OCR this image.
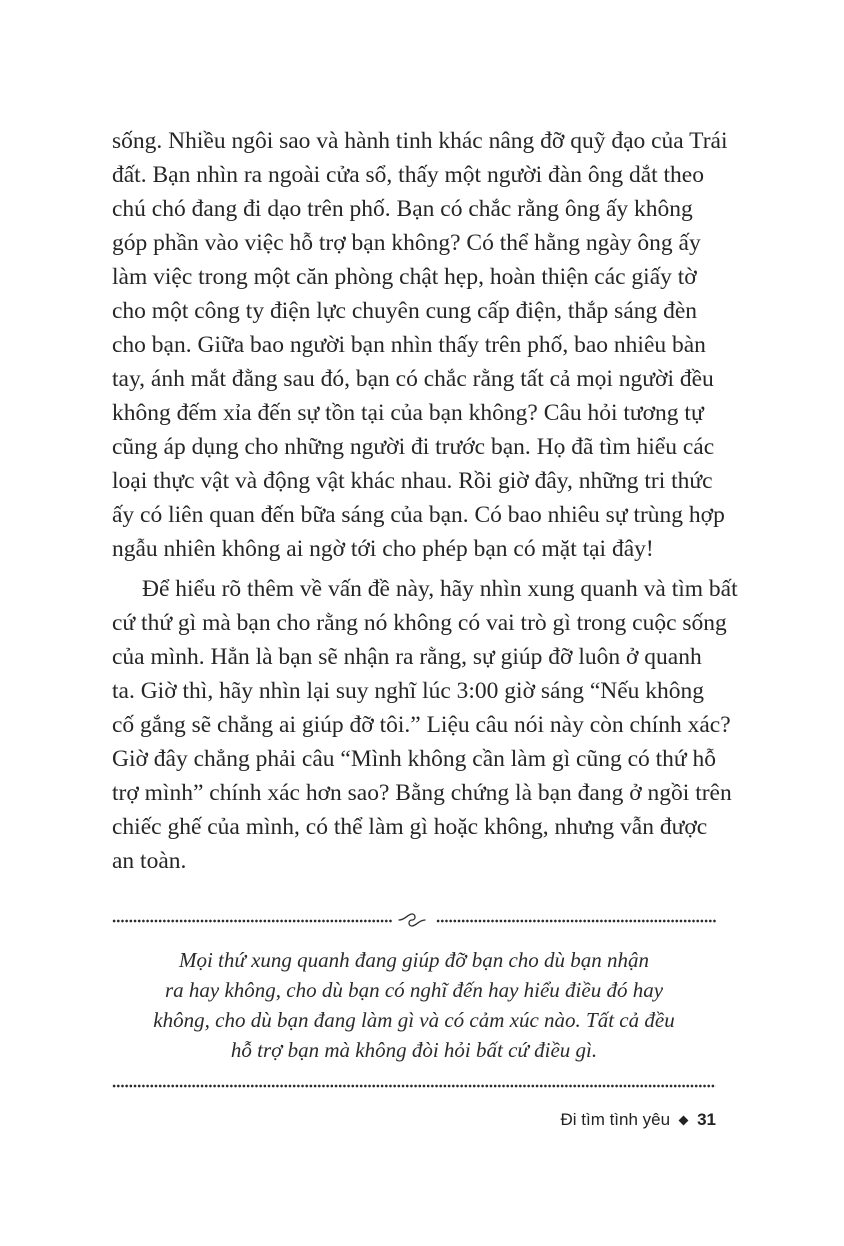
sống. Nhiều ngôi sao và hành tinh khác nâng đỡ quỹ đạo của Trái
đất. Bạn nhìn ra ngoài cửa sổ, thấy một người đàn ông dắt theo
chú chó đang đi dạo trên phố. Bạn có chắc rằng ông ấy không
góp phần vào việc hỗ trợ bạn không? Có thể hằng ngày ông ấy
làm việc trong một căn phòng chật hẹp, hoàn thiện các giấy tờ
cho một công ty điện lực chuyên cung cấp điện, thắp sáng đèn
cho bạn. Giữa bao người bạn nhìn thấy trên phố, bao nhiêu bàn
tay, ánh mắt đằng sau đó, bạn có chắc rằng tất cả mọi người đều
không đếm xỉa đến sự tồn tại của bạn không? Câu hỏi tương tự
cũng áp dụng cho những người đi trước bạn. Họ đã tìm hiểu các
loại thực vật và động vật khác nhau. Rồi giờ đây, những tri thức
ấy có liên quan đến bữa sáng của bạn. Có bao nhiêu sự trùng hợp
ngẫu nhiên không ai ngờ tới cho phép bạn có mặt tại đây!
Để hiểu rõ thêm về vấn đề này, hãy nhìn xung quanh và tìm bất
cứ thứ gì mà bạn cho rằng nó không có vai trò gì trong cuộc sống
của mình. Hẳn là bạn sẽ nhận ra rằng, sự giúp đỡ luôn ở quanh
ta. Giờ thì, hãy nhìn lại suy nghĩ lúc 3:00 giờ sáng “Nếu không
cố gắng sẽ chẳng ai giúp đỡ tôi.” Liệu câu nói này còn chính xác?
Giờ đây chẳng phải câu “Mình không cần làm gì cũng có thứ hỗ
trợ mình” chính xác hơn sao? Bằng chứng là bạn đang ở ngồi trên
chiếc ghế của mình, có thể làm gì hoặc không, nhưng vẫn được
an toàn.
Mọi thứ xung quanh đang giúp đỡ bạn cho dù bạn nhận
ra hay không, cho dù bạn có nghĩ đến hay hiểu điều đó hay
không, cho dù bạn đang làm gì và có cảm xúc nào. Tất cả đều
hỗ trợ bạn mà không đòi hỏi bất cứ điều gì.
Đi tìm tình yêu 31
